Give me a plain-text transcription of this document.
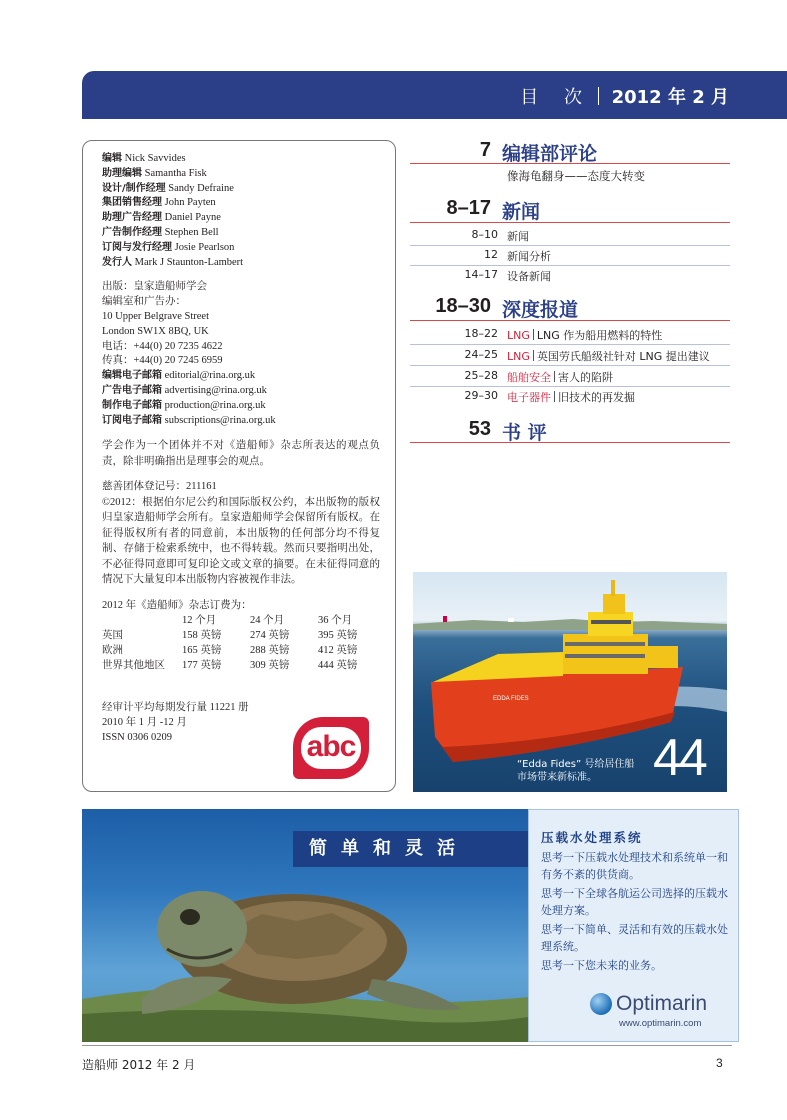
目 次 2012 年 2 月
编辑 Nick Savvides
助理编辑 Samantha Fisk
设计/制作经理 Sandy Defraine
集团销售经理 John Payten
助理广告经理 Daniel Payne
广告制作经理 Stephen Bell
订阅与发行经理 Josie Pearlson
发行人 Mark J Staunton-Lambert
出版：皇家造船师学会
编辑室和广告办：
10 Upper Belgrave Street
London SW1X 8BQ, UK
电话：+44(0) 20 7235 4622
传真：+44(0) 20 7245 6959
编辑电子邮箱 editorial@rina.org.uk
广告电子邮箱 advertising@rina.org.uk
制作电子邮箱 production@rina.org.uk
订阅电子邮箱 subscriptions@rina.org.uk
学会作为一个团体并不对《造船师》杂志所表达的观点负责，除非明确指出是理事会的观点。
慈善团体登记号：211161
©2012：根据伯尔尼公约和国际版权公约，本出版物的版权归皇家造船师学会所有。皇家造船师学会保留所有版权。在征得版权所有者的同意前，本出版物的任何部分均不得复制、存储于检索系统中，也不得转载。然而只要指明出处，不必征得同意即可复印论文或文章的摘要。在未征得同意的情况下大量复印本出版物内容被视作非法。
2012 年《造船师》杂志订费为：
	12 个月	24 个月	36 个月
英国	158 英镑	274 英镑	395 英镑
欧洲	165 英镑	288 英镑	412 英镑
世界其他地区	177 英镑	309 英镑	444 英镑
经审计平均每期发行量 11221 册
2010 年 1 月 -12 月
ISSN 0306 0209	abc
7 编辑部评论
像海龟翻身——态度大转变
8–17 新闻
8–10 新闻
12 新闻分析
14–17 设备新闻
18–30 深度报道
18–22 LNG LNG 作为船用燃料的特性
24–25 LNG 英国劳氏船级社针对 LNG 提出建议
25–28 船舶安全 害人的陷阱
29–30 电子器件 旧技术的再发掘
53 书 评
EDDA FIDES
“Edda Fides” 号给居住船
市场带来新标准。	44
简单和灵活
压载水处理系统
思考一下压载水处理技术和系统单一和有务不紊的供货商。
思考一下全球各航运公司选择的压载水处理方案。
思考一下简单、灵活和有效的压载水处理系统。
思考一下您未来的业务。
Optimarin
www.optimarin.com
造船师 2012 年 2 月	3
